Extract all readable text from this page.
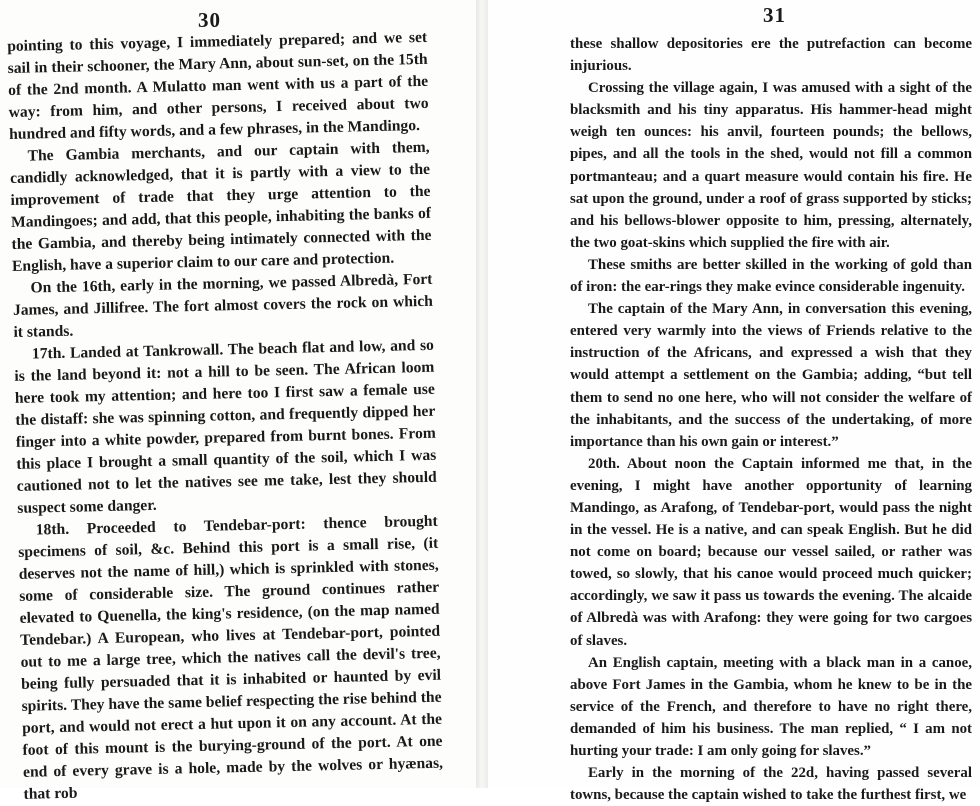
30

pointing to this voyage, I immediately prepared; and we set sail in their schooner, the Mary Ann, about sun-set, on the 15th of the 2nd month. A Mulatto man went with us a part of the way: from him, and other persons, I received about two hundred and fifty words, and a few phrases, in the Mandingo.

The Gambia merchants, and our captain with them, candidly acknowledged, that it is partly with a view to the improvement of trade that they urge attention to the Mandingoes; and add, that this people, inhabiting the banks of the Gambia, and thereby being intimately connected with the English, have a superior claim to our care and protection.

On the 16th, early in the morning, we passed Albredà, Fort James, and Jillifree. The fort almost covers the rock on which it stands.

17th. Landed at Tankrowall. The beach flat and low, and so is the land beyond it: not a hill to be seen. The African loom here took my attention; and here too I first saw a female use the distaff: she was spinning cotton, and frequently dipped her finger into a white powder, prepared from burnt bones. From this place I brought a small quantity of the soil, which I was cautioned not to let the natives see me take, lest they should suspect some danger.

18th. Proceeded to Tendebar-port: thence brought specimens of soil, &c. Behind this port is a small rise, (it deserves not the name of hill,) which is sprinkled with stones, some of considerable size. The ground continues rather elevated to Quenella, the king's residence, (on the map named Tendebar.) A European, who lives at Tendebar-port, pointed out to me a large tree, which the natives call the devil's tree, being fully persuaded that it is inhabited or haunted by evil spirits. They have the same belief respecting the rise behind the port, and would not erect a hut upon it on any account. At the foot of this mount is the burying-ground of the port. At one end of every grave is a hole, made by the wolves or hyænas, that rob

31

these shallow depositories ere the putrefaction can become injurious.

Crossing the village again, I was amused with a sight of the blacksmith and his tiny apparatus. His hammer-head might weigh ten ounces: his anvil, fourteen pounds; the bellows, pipes, and all the tools in the shed, would not fill a common portmanteau; and a quart measure would contain his fire. He sat upon the ground, under a roof of grass supported by sticks; and his bellows-blower opposite to him, pressing, alternately, the two goat-skins which supplied the fire with air.

These smiths are better skilled in the working of gold than of iron: the ear-rings they make evince considerable ingenuity.

The captain of the Mary Ann, in conversation this evening, entered very warmly into the views of Friends relative to the instruction of the Africans, and expressed a wish that they would attempt a settlement on the Gambia; adding, “but tell them to send no one here, who will not consider the welfare of the inhabitants, and the success of the undertaking, of more importance than his own gain or interest.”

20th. About noon the Captain informed me that, in the evening, I might have another opportunity of learning Mandingo, as Arafong, of Tendebar-port, would pass the night in the vessel. He is a native, and can speak English. But he did not come on board; because our vessel sailed, or rather was towed, so slowly, that his canoe would proceed much quicker; accordingly, we saw it pass us towards the evening. The alcaide of Albredà was with Arafong: they were going for two cargoes of slaves.

An English captain, meeting with a black man in a canoe, above Fort James in the Gambia, whom he knew to be in the service of the French, and therefore to have no right there, demanded of him his business. The man replied, “ I am not hurting your trade: I am only going for slaves.”

Early in the morning of the 22d, having passed several towns, because the captain wished to take the furthest first, we
